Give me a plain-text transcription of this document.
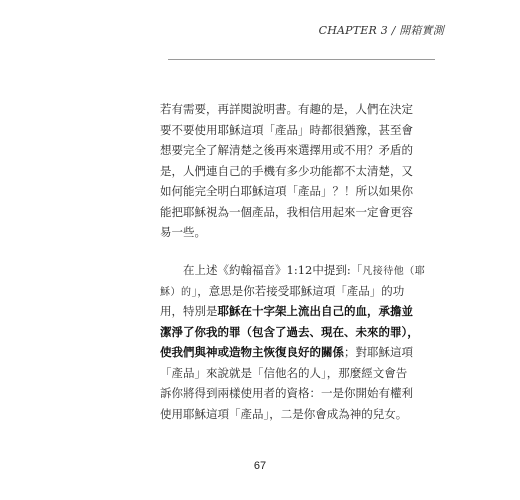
CHAPTER 3 / 開箱實測
若有需要，再詳閱說明書。有趣的是，人們在決定
要不要使用耶穌這項「產品」時都很猶豫，甚至會
想要完全了解清楚之後再來選擇用或不用？矛盾的
是，人們連自己的手機有多少功能都不太清楚，又
如何能完全明白耶穌這項「產品」？！所以如果你
能把耶穌視為一個產品，我相信用起來一定會更容
易一些。
在上述《約翰福音》1:12中提到:「凡接待他（耶
穌）的」，意思是你若接受耶穌這項「產品」的功
用，特別是耶穌在十字架上流出自己的血，承擔並
潔淨了你我的罪（包含了過去、現在、未來的罪），
使我們與神或造物主恢復良好的關係；對耶穌這項
「產品」來說就是「信他名的人」，那麼經文會告
訴你將得到兩樣使用者的資格：一是你開始有權利
使用耶穌這項「產品」，二是你會成為神的兒女。
67
